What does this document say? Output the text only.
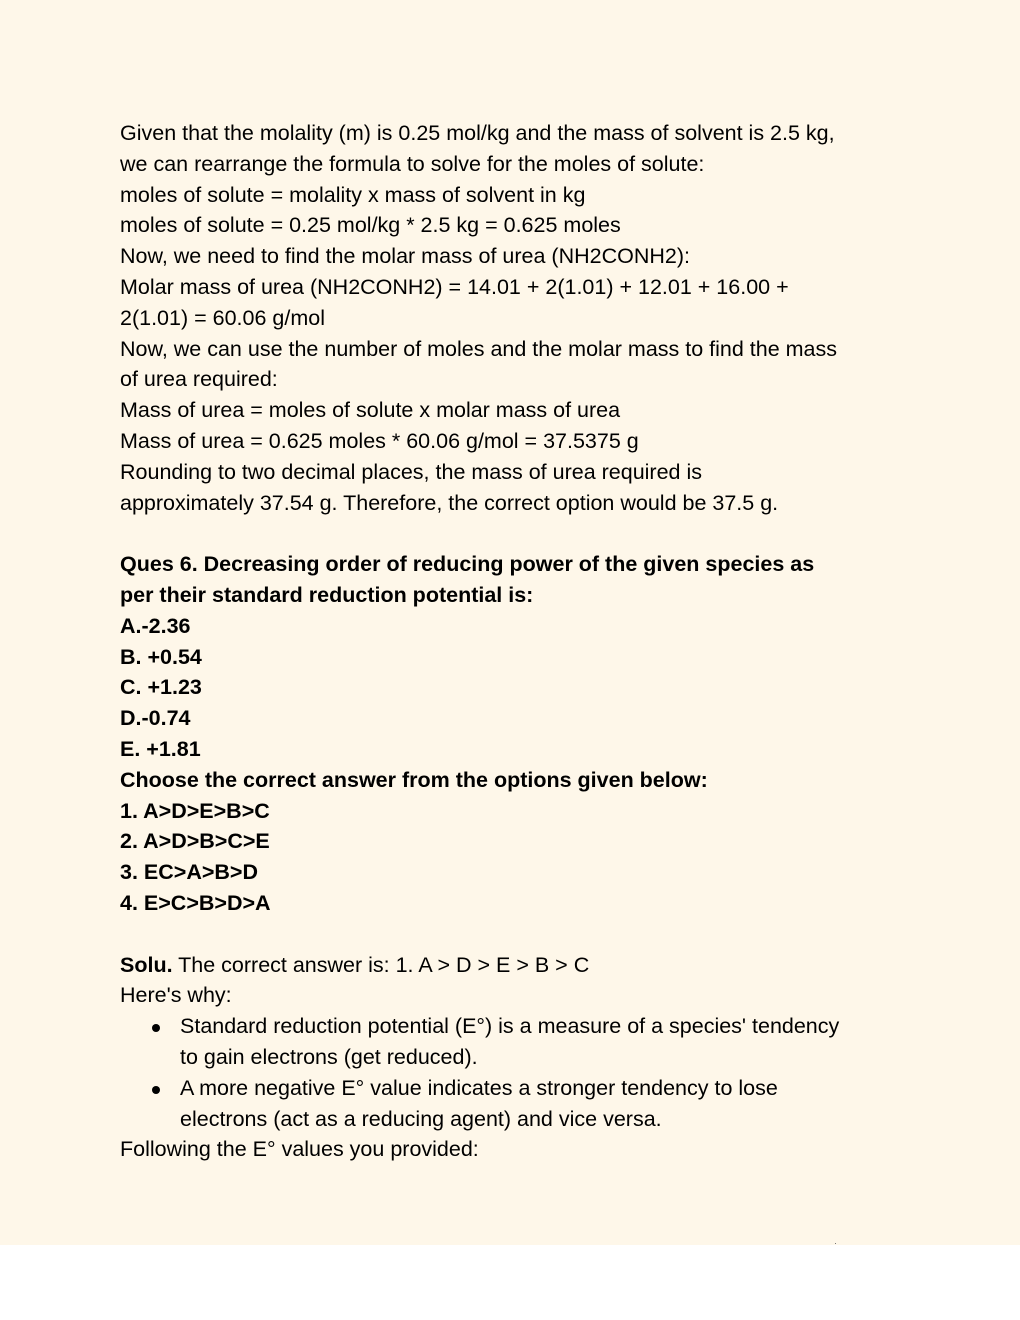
Given that the molality (m) is 0.25 mol/kg and the mass of solvent is 2.5 kg,
we can rearrange the formula to solve for the moles of solute:
moles of solute = molality x mass of solvent in kg
moles of solute = 0.25 mol/kg * 2.5 kg = 0.625 moles
Now, we need to find the molar mass of urea (NH2CONH2):
Molar mass of urea (NH2CONH2) = 14.01 + 2(1.01) + 12.01 + 16.00 +
2(1.01) = 60.06 g/mol
Now, we can use the number of moles and the molar mass to find the mass
of urea required:
Mass of urea = moles of solute x molar mass of urea
Mass of urea = 0.625 moles * 60.06 g/mol = 37.5375 g
Rounding to two decimal places, the mass of urea required is
approximately 37.54 g. Therefore, the correct option would be 37.5 g.
Ques 6. Decreasing order of reducing power of the given species as
per their standard reduction potential is:
A.-2.36
B. +0.54
C. +1.23
D.-0.74
E. +1.81
Choose the correct answer from the options given below:
1. A>D>E>B>C
2. A>D>B>C>E
3. EC>A>B>D
4. E>C>B>D>A
Solu. The correct answer is: 1. A > D > E > B > C
Here's why:
Standard reduction potential (E°) is a measure of a species' tendency
to gain electrons (get reduced).
A more negative E° value indicates a stronger tendency to lose
electrons (act as a reducing agent) and vice versa.
Following the E° values you provided:
